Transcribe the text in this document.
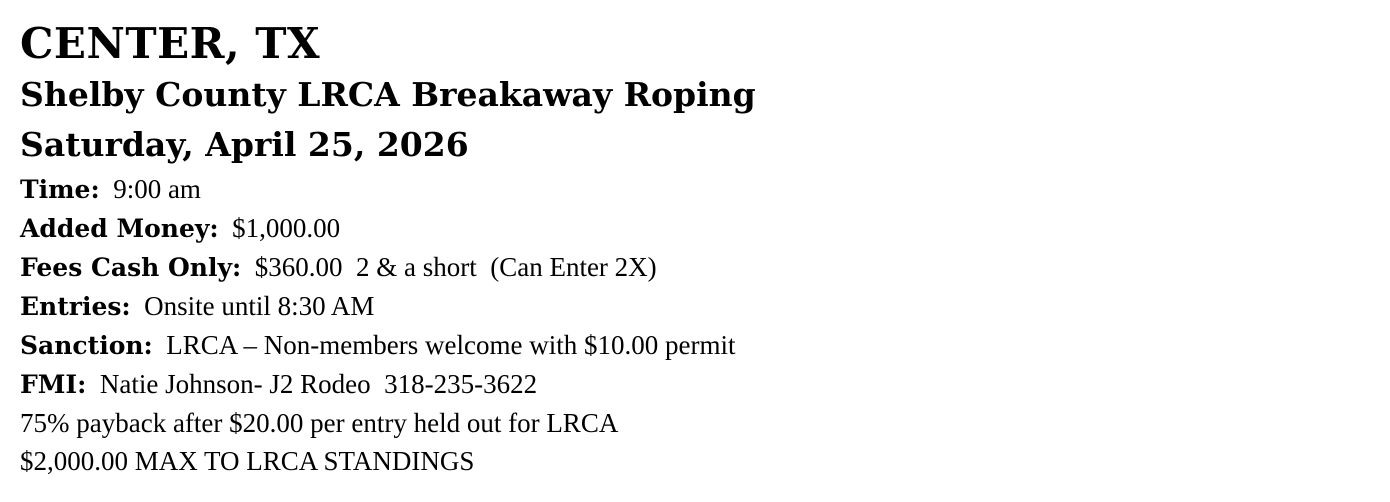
CENTER, TX
Shelby County LRCA Breakaway Roping
Saturday, April 25, 2026
Time:  9:00 am
Added Money:  $1,000.00
Fees Cash Only:  $360.00  2 & a short  (Can Enter 2X)
Entries:  Onsite until 8:30 AM
Sanction:  LRCA – Non-members welcome with $10.00 permit
FMI:  Natie Johnson- J2 Rodeo  318-235-3622
75% payback after $20.00 per entry held out for LRCA
$2,000.00 MAX TO LRCA STANDINGS
